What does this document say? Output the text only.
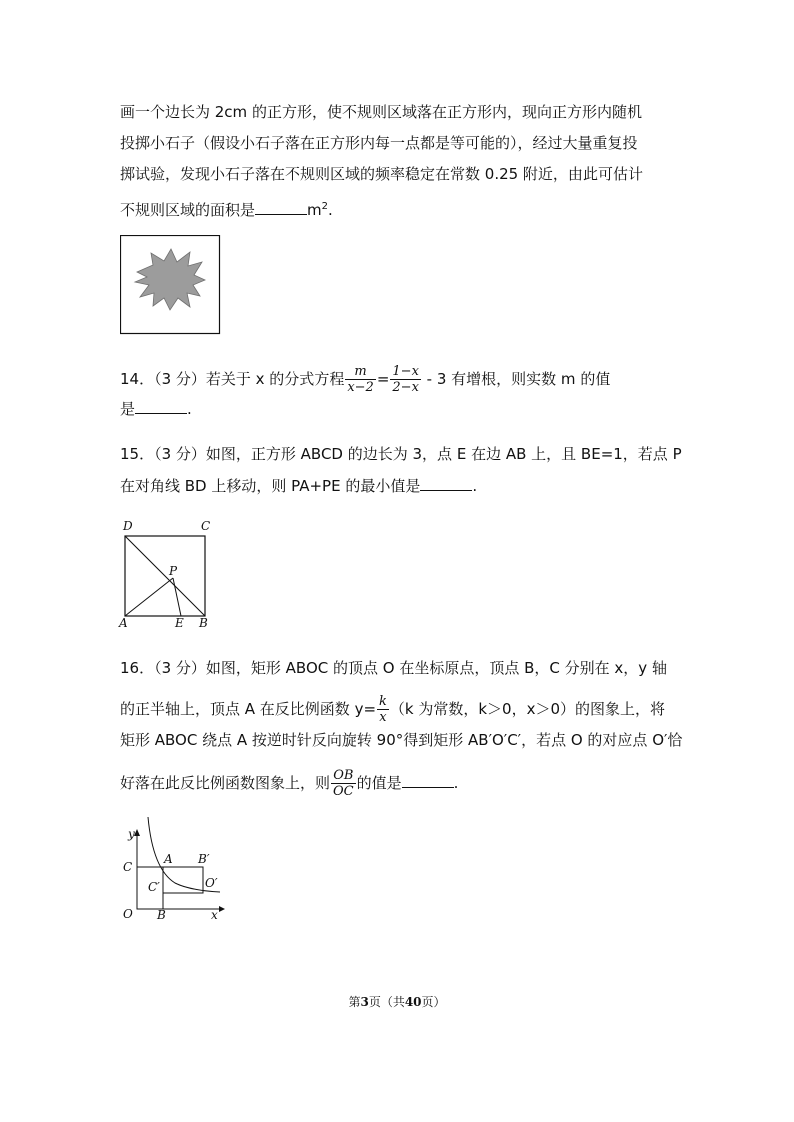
画一个边长为 2cm 的正方形，使不规则区域落在正方形内，现向正方形内随机
投掷小石子（假设小石子落在正方形内每一点都是等可能的），经过大量重复投
掷试验，发现小石子落在不规则区域的频率稳定在常数 0.25 附近，由此可估计
不规则区域的面积是	$m^2$.
14．（3 分）若关于 x 的分式方程 $\frac{m}{x-2} = \frac{1-x}{2-x} - 3$ 有增根，则实数 m 的值
是	.
15．（3 分）如图，正方形 ABCD 的边长为 3，点 E 在边 AB 上，且 BE=1，若点 P
在对角线 BD 上移动，则 PA+PE 的最小值是	.
D	C
P
A	E B
16．（3 分）如图，矩形 ABOC 的顶点 O 在坐标原点，顶点 B，C 分别在 x，y 轴
的正半轴上，顶点 A 在反比例函数 $y= \frac{k}{x} (k$ 为常数，k＞0，x＞0）的图象上，将
矩形 ABOC 绕点 A 按逆时针反向旋转 90°得到矩形 AB′O′C′，若点 O 的对应点 O′恰
好落在此反比例函数图象上，则 $\frac{OB}{OC}$ 的值是	.
y
x
O B
C
A B′
C′	O′
第3页（共40页）
